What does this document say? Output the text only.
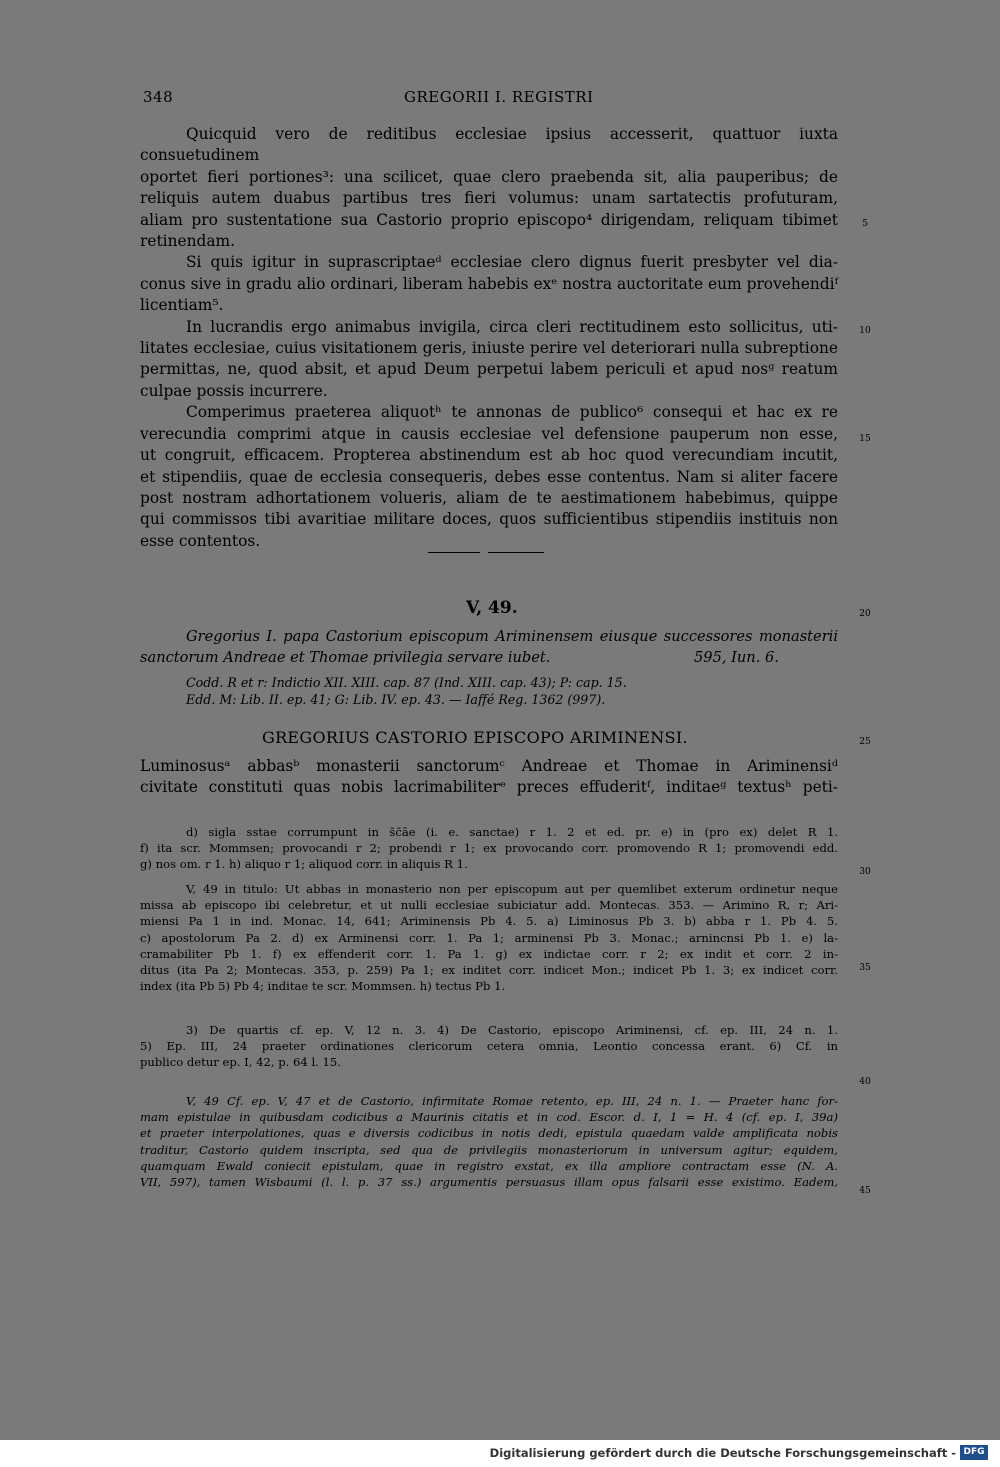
348	GREGORII I. REGISTRI

Quicquid vero de reditibus ecclesiae ipsius accesserit, quattuor iuxta consuetudinem

oportet fieri portiones³: una scilicet, quae clero praebenda sit, alia pauperibus; de

reliquis autem duabus partibus tres fieri volumus: unam sartatectis profuturam,

aliam pro sustentatione sua Castorio proprio episcopo⁴ dirigendam, reliquam tibimet

retinendam.

Si quis igitur in suprascriptaeᵈ ecclesiae clero dignus fuerit presbyter vel dia-

conus sive in gradu alio ordinari, liberam habebis exᵉ nostra auctoritate eum provehendiᶠ

licentiam⁵.

In lucrandis ergo animabus invigila, circa cleri rectitudinem esto sollicitus, uti-

litates ecclesiae, cuius visitationem geris, iniuste perire vel deteriorari nulla subreptione

permittas, ne, quod absit, et apud Deum perpetui labem periculi et apud nosᵍ reatum

culpae possis incurrere.

Comperimus praeterea aliquotʰ te annonas de publico⁶ consequi et hac ex re

verecundia comprimi atque in causis ecclesiae vel defensione pauperum non esse,

ut congruit, efficacem. Propterea abstinendum est ab hoc quod verecundiam incutit,

et stipendiis, quae de ecclesia consequeris, debes esse contentus. Nam si aliter facere

post nostram adhortationem volueris, aliam de te aestimationem habebimus, quippe

qui commissos tibi avaritiae militare doces, quos sufficientibus stipendiis instituis non

esse contentos.

5
10
15
20
25
30
35
40
45
V, 49.

Gregorius I. papa Castorium episcopum Ariminensem eiusque successores monasterii

sanctorum Andreae et Thomae privilegia servare iubet.	595, Iun. 6.
Codd. R et r: Indictio XII. XIII. cap. 87 (Ind. XIII. cap. 43); P: cap. 15.
Edd. M: Lib. II. ep. 41; G: Lib. IV. ep. 43. — Iaffé Reg. 1362 (997).
GREGORIUS CASTORIO EPISCOPO ARIMINENSI.

Luminosusᵃ abbasᵇ monasterii sanctorumᶜ Andreae et Thomae in Ariminensiᵈ

civitate constituti quas nobis lacrimabiliterᵉ preces effuderitᶠ, inditaeᵍ textusʰ peti-

d) sigla sstae corrumpunt in s̄c̄āe (i. e. sanctae) r 1. 2 et ed. pr. e) in (pro ex) delet R 1.

f) ita scr. Mommsen; provocandi r 2; probendi r 1; ex provocando corr. promovendo R 1; promovendi edd.

g) nos om. r 1. h) aliquo r 1; aliquod corr. in aliquis R 1.

V, 49 in titulo: Ut abbas in monasterio non per episcopum aut per quemlibet exterum ordinetur neque

missa ab episcopo ibi celebretur, et ut nulli ecclesiae subiciatur add. Montecas. 353. — Arimino R, r; Ari-

miensi Pa 1 in ind. Monac. 14, 641; Ariminensis Pb 4. 5. a) Liminosus Pb 3. b) abba r 1. Pb 4. 5.

c) apostolorum Pa 2. d) ex Arminensi corr. 1. Pa 1; arminensi Pb 3. Monac.; arnincnsi Pb 1. e) la-

cramabiliter Pb 1. f) ex effenderit corr. 1. Pa 1. g) ex indictae corr. r 2; ex indit et corr. 2 in-

ditus (ita Pa 2; Montecas. 353, p. 259) Pa 1; ex inditet corr. indicet Mon.; indicet Pb 1. 3; ex indicet corr.

index (ita Pb 5) Pb 4; inditae te scr. Mommsen. h) tectus Pb 1.

3) De quartis cf. ep. V, 12 n. 3. 4) De Castorio, episcopo Ariminensi, cf. ep. III, 24 n. 1.

5) Ep. III, 24 praeter ordinationes clericorum cetera omnia, Leontio concessa erant. 6) Cf. in

publico detur ep. I, 42, p. 64 l. 15.

V, 49 Cf. ep. V, 47 et de Castorio, infirmitate Romae retento, ep. III, 24 n. 1. — Praeter hanc for-

mam epistulae in quibusdam codicibus a Maurinis citatis et in cod. Escor. d. I, 1 = H. 4 (cf. ep. I, 39a)

et praeter interpolationes, quas e diversis codicibus in notis dedi, epistula quaedam valde amplificata nobis

traditur, Castorio quidem inscripta, sed qua de privilegiis monasteriorum in universum agitur; equidem,

quamquam Ewald coniecit epistulam, quae in registro exstat, ex illa ampliore contractam esse (N. A.

VII, 597), tamen Wisbaumi (l. l. p. 37 ss.) argumentis persuasus illam opus falsarii esse existimo. Eadem,

Digitalisierung gefördert durch die Deutsche Forschungsgemeinschaft - DFG
